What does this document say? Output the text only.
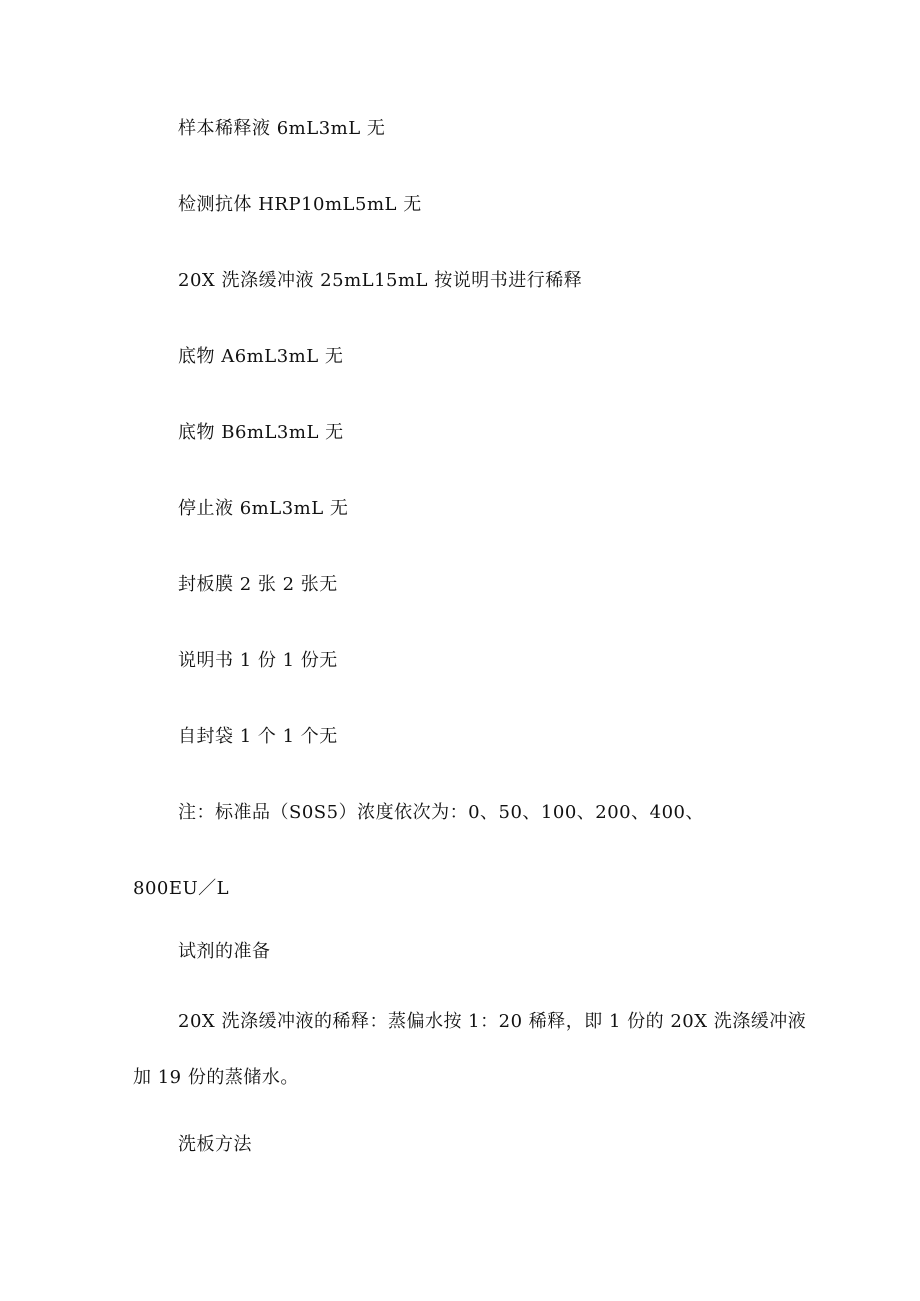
样本稀释液 6mL3mL 无

检测抗体 HRP10mL5mL 无

20X 洗涤缓冲液 25mL15mL 按说明书进行稀释

底物 A6mL3mL 无

底物 B6mL3mL 无

停止液 6mL3mL 无

封板膜 2 张 2 张无

说明书 1 份 1 份无

自封袋 1 个 1 个无

注：标准品（S0S5）浓度依次为：0、50、100、200、400、

800EU／L

试剂的准备

20X 洗涤缓冲液的稀释：蒸偏水按 1：20 稀释，即 1 份的 20X 洗涤缓冲液

加 19 份的蒸储水。

洗板方法
